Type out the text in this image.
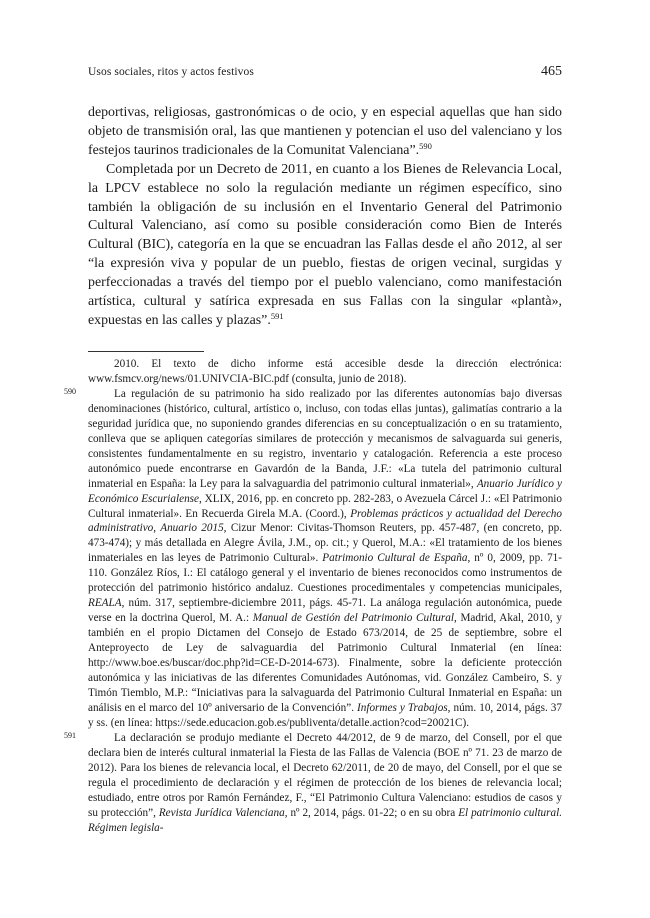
Usos sociales, ritos y actos festivos	465

deportivas, religiosas, gastronómicas o de ocio, y en especial aquellas que han sido objeto de transmisión oral, las que mantienen y potencian el uso del valenciano y los festejos taurinos tradicionales de la Comunitat Valenciana”.$^{590}$

Completada por un Decreto de 2011, en cuanto a los Bienes de Relevancia Local, la LPCV establece no solo la regulación mediante un régimen específico, sino también la obligación de su inclusión en el Inventario General del Patrimonio Cultural Valenciano, así como su posible consideración como Bien de Interés Cultural (BIC), categoría en la que se encuadran las Fallas desde el año 2012, al ser “la expresión viva y popular de un pueblo, fiestas de origen vecinal, surgidas y perfeccionadas a través del tiempo por el pueblo valenciano, como manifestación artística, cultural y satírica expresada en sus Fallas con la singular «plantà», expuestas en las calles y plazas”.$^{591}$

2010. El texto de dicho informe está accesible desde la dirección electrónica: www.fsmcv.org/news/01.UNIVCIA-BIC.pdf (consulta, junio de 2018).

590	La regulación de su patrimonio ha sido realizado por las diferentes autonomías bajo diversas denominaciones (histórico, cultural, artístico o, incluso, con todas ellas juntas), galimatías contrario a la seguridad jurídica que, no suponiendo grandes diferencias en su conceptualización o en su tratamiento, conlleva que se apliquen categorías similares de protección y mecanismos de salvaguarda sui generis, consistentes fundamentalmente en su registro, inventario y catalogación. Referencia a este proceso autonómico puede encontrarse en Gavardón de la Banda, J.F.: «La tutela del patrimonio cultural inmaterial en España: la Ley para la salvaguardia del patrimonio cultural inmaterial», Anuario Jurídico y Económico Escurialense, XLIX, 2016, pp. en concreto pp. 282-283, o Avezuela Cárcel J.: «El Patrimonio Cultural inmaterial». En Recuerda Girela M.A. (Coord.), Problemas prácticos y actualidad del Derecho administrativo, Anuario 2015, Cizur Menor: Civitas-Thomson Reuters, pp. 457-487, (en concreto, pp. 473-474); y más detallada en Alegre Ávila, J.M., op. cit.; y Querol, M.A.: «El tratamiento de los bienes inmateriales en las leyes de Patrimonio Cultural». Patrimonio Cultural de España, nº 0, 2009, pp. 71-110. González Ríos, I.: El catálogo general y el inventario de bienes reconocidos como instrumentos de protección del patrimonio histórico andaluz. Cuestiones procedimentales y competencias municipales, REALA, núm. 317, septiembre-diciembre 2011, págs. 45-71. La análoga regulación autonómica, puede verse en la doctrina Querol, M. A.: Manual de Gestión del Patrimonio Cultural, Madrid, Akal, 2010, y también en el propio Dictamen del Consejo de Estado 673/2014, de 25 de septiembre, sobre el Anteproyecto de Ley de salvaguardia del Patrimonio Cultural Inmaterial (en línea: http://www.boe.es/buscar/doc.php?id=CE-D-2014-673). Finalmente, sobre la deficiente protección autonómica y las iniciativas de las diferentes Comunidades Autónomas, vid. González Cambeiro, S. y Timón Tiemblo, M.P.: “Iniciativas para la salvaguarda del Patrimonio Cultural Inmaterial en España: un análisis en el marco del 10º aniversario de la Convención”. Informes y Trabajos, núm. 10, 2014, págs. 37 y ss. (en línea: https://sede.educacion.gob.es/publiventa/detalle.action?cod=20021C).

591	La declaración se produjo mediante el Decreto 44/2012, de 9 de marzo, del Consell, por el que declara bien de interés cultural inmaterial la Fiesta de las Fallas de Valencia (BOE nº 71. 23 de marzo de 2012). Para los bienes de relevancia local, el Decreto 62/2011, de 20 de mayo, del Consell, por el que se regula el procedimiento de declaración y el régimen de protección de los bienes de relevancia local; estudiado, entre otros por Ramón Fernández, F., “El Patrimonio Cultura Valenciano: estudios de casos y su protección”, Revista Jurídica Valenciana, nº 2, 2014, págs. 01-22; o en su obra El patrimonio cultural. Régimen legisla-
